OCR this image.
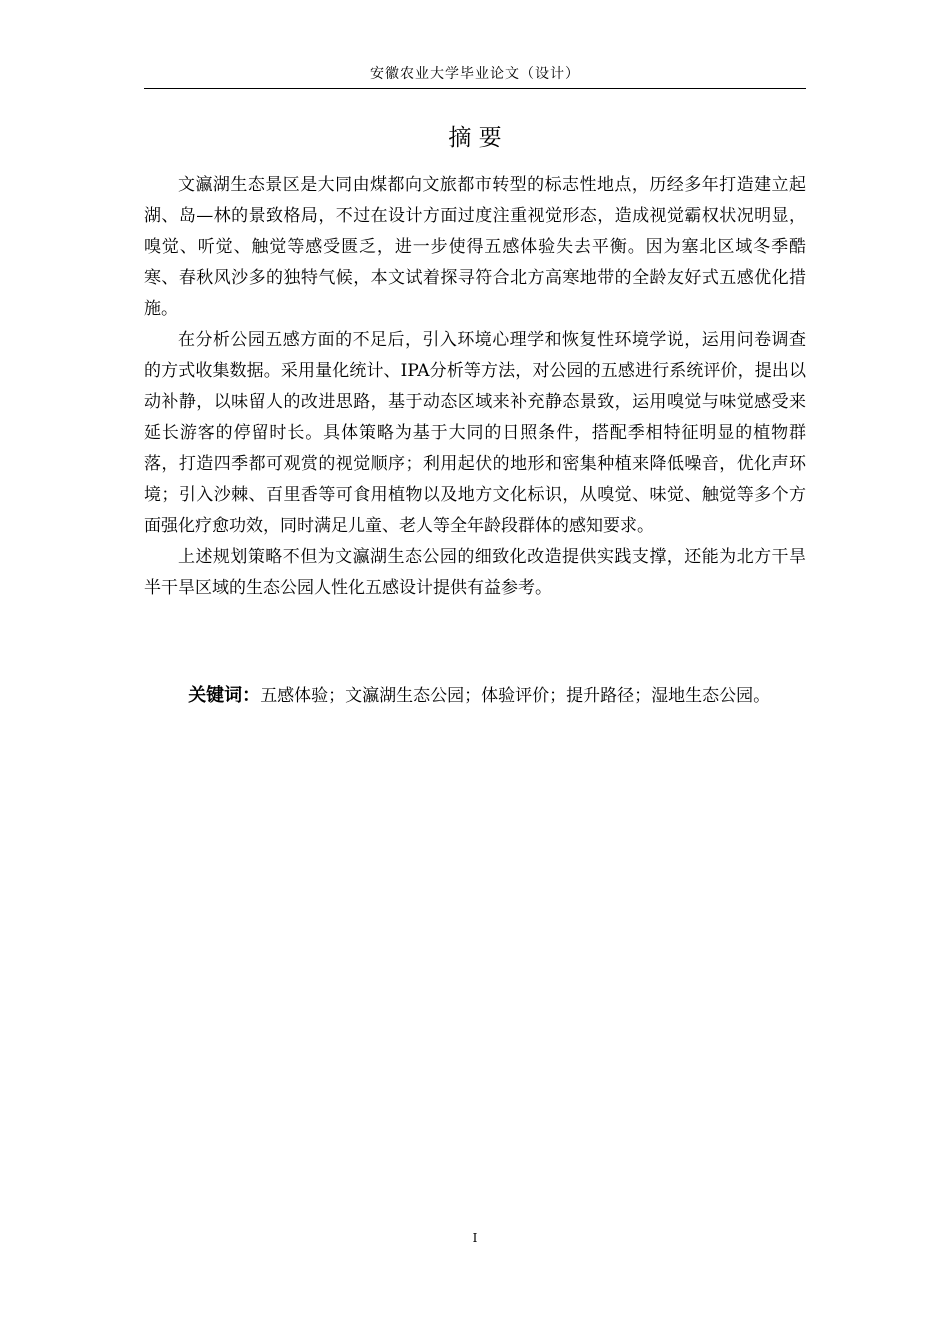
安徽农业大学毕业论文（设计）
摘 要

文瀛湖生态景区是大同由煤都向文旅都市转型的标志性地点，历经多年打造建立起湖、岛—林的景致格局，不过在设计方面过度注重视觉形态，造成视觉霸权状况明显，嗅觉、听觉、触觉等感受匮乏，进一步使得五感体验失去平衡。因为塞北区域冬季酷寒、春秋风沙多的独特气候，本文试着探寻符合北方高寒地带的全龄友好式五感优化措施。

在分析公园五感方面的不足后，引入环境心理学和恢复性环境学说，运用问卷调查的方式收集数据。采用量化统计、IPA分析等方法，对公园的五感进行系统评价，提出以动补静，以味留人的改进思路，基于动态区域来补充静态景致，运用嗅觉与味觉感受来延长游客的停留时长。具体策略为基于大同的日照条件，搭配季相特征明显的植物群落，打造四季都可观赏的视觉顺序；利用起伏的地形和密集种植来降低噪音，优化声环境；引入沙棘、百里香等可食用植物以及地方文化标识，从嗅觉、味觉、触觉等多个方面强化疗愈功效，同时满足儿童、老人等全年龄段群体的感知要求。

上述规划策略不但为文瀛湖生态公园的细致化改造提供实践支撑，还能为北方干旱半干旱区域的生态公园人性化五感设计提供有益参考。

关键词：五感体验；文瀛湖生态公园；体验评价；提升路径；湿地生态公园。
I
